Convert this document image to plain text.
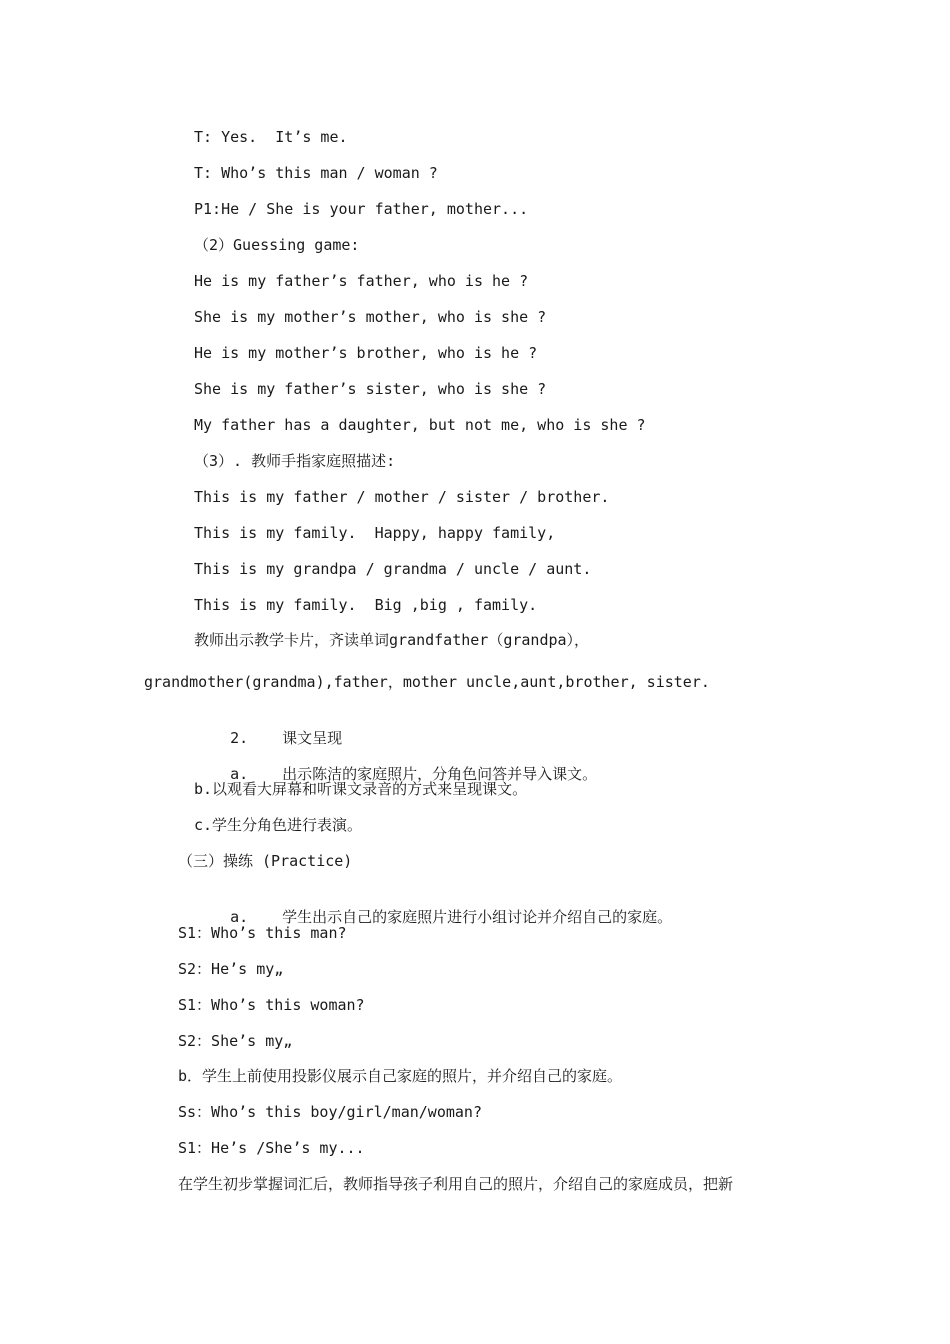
T: Yes.  It’s me.
T: Who’s this man / woman ?
P1:He / She is your father, mother...
（2）Guessing game:
He is my father’s father, who is he ?
She is my mother’s mother, who is she ?
He is my mother’s brother, who is he ?
She is my father’s sister, who is she ?
My father has a daughter, but not me, who is she ?
（3）. 教师手指家庭照描述:
This is my father / mother / sister / brother.
This is my family.  Happy, happy family,
This is my grandpa / grandma / uncle / aunt.
This is my family.  Big ,big , family.
教师出示教学卡片，齐读单词grandfather（grandpa），
grandmother(grandma),father，mother uncle,aunt,brother, sister.

2. 课文呈现

a. 出示陈洁的家庭照片，分角色问答并导入课文。

b.以观看大屏幕和听课文录音的方式来呈现课文。
c.学生分角色进行表演。
（三）操练 (Practice)

a. 学生出示自己的家庭照片进行小组讨论并介绍自己的家庭。

S1：Who’s this man?
S2：He’s my„
S1：Who’s this woman?
S2：She’s my„
b．学生上前使用投影仪展示自己家庭的照片，并介绍自己的家庭。
Ss：Who’s this boy/girl/man/woman?
S1：He’s /She’s my...
在学生初步掌握词汇后，教师指导孩子利用自己的照片，介绍自己的家庭成员，把新
